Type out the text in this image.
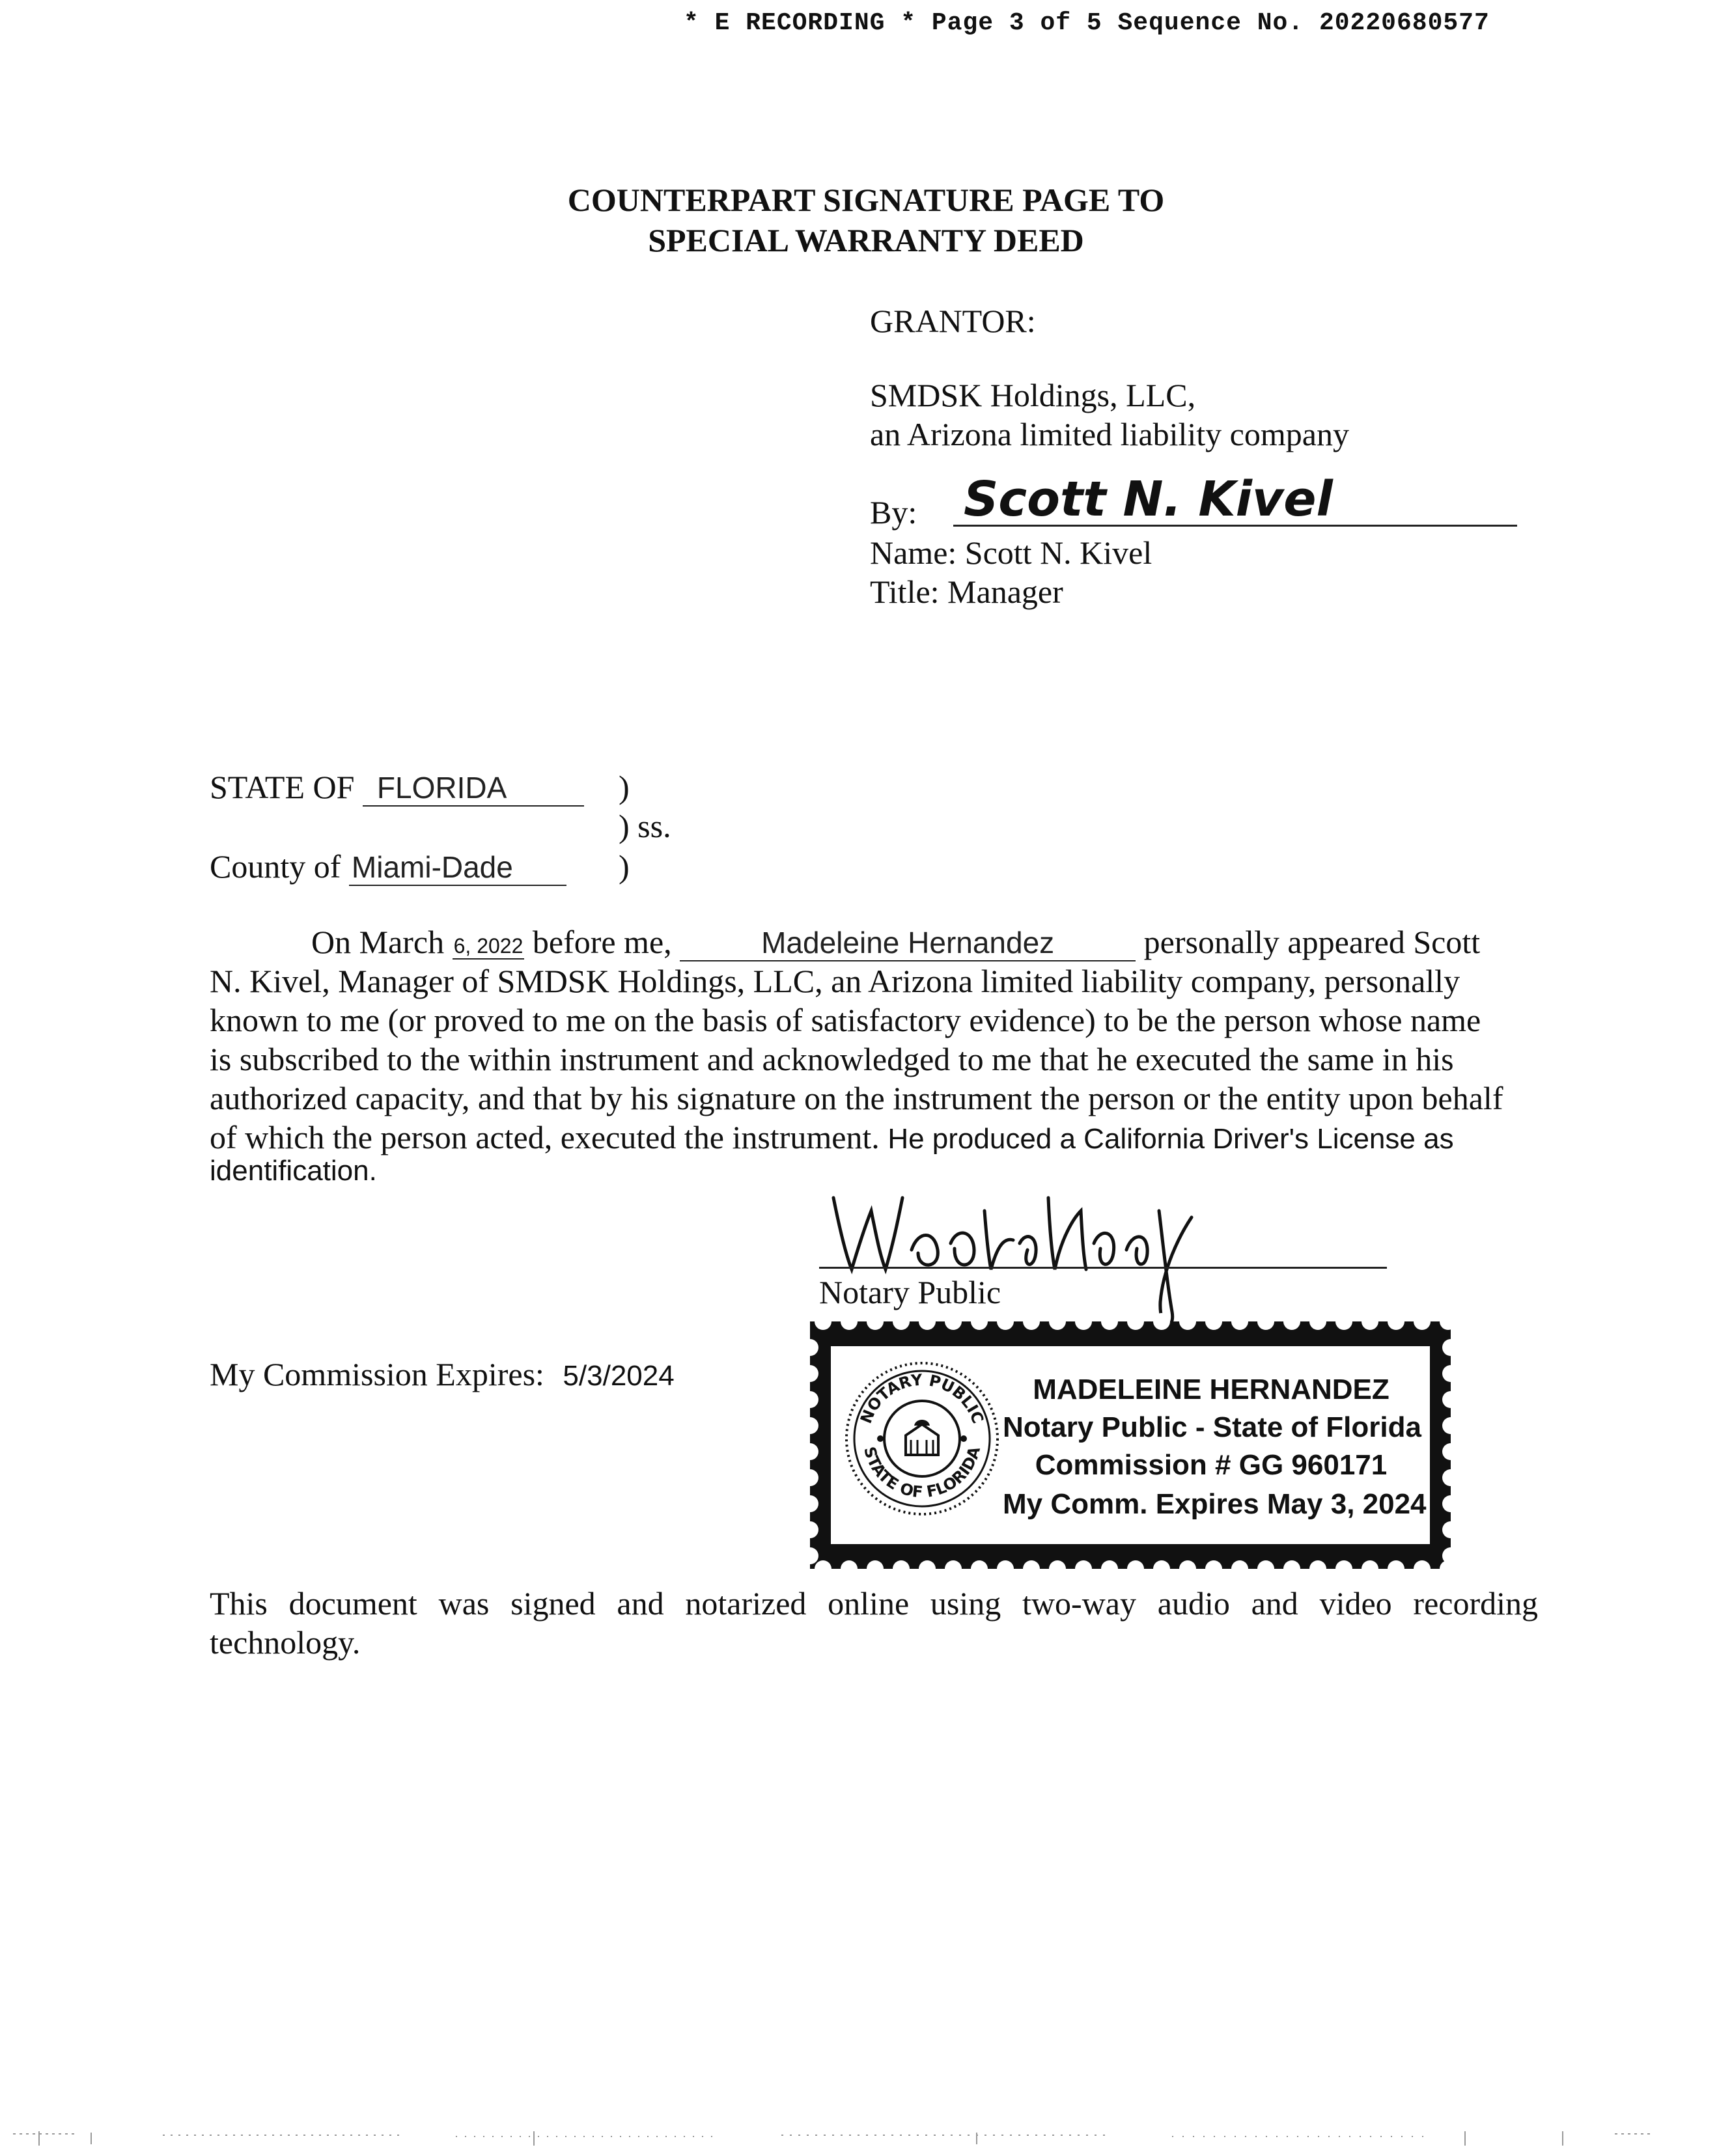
* E RECORDING * Page 3 of 5 Sequence No. 20220680577
COUNTERPART SIGNATURE PAGE TO
SPECIAL WARRANTY DEED
GRANTOR:
SMDSK Holdings, LLC,
an Arizona limited liability company
By: Scott N. Kivel
Name: Scott N. Kivel
Title: Manager
STATE OF FLORIDA	)
) ss.
County of Miami-Dade	)
On March 6, 2022 before me,	Madeleine Hernandez	personally appeared Scott
N. Kivel, Manager of SMDSK Holdings, LLC, an Arizona limited liability company, personally
known to me (or proved to me on the basis of satisfactory evidence) to be the person whose name
is subscribed to the within instrument and acknowledged to me that he executed the same in his
authorized capacity, and that by his signature on the instrument the person or the entity upon behalf
of which the person acted, executed the instrument. He produced a California Driver's License as
identification.
Notary Public
My Commission Expires: 5/3/2024
NOTARY PUBLIC
STATE OF FLORIDA
MADELEINE HERNANDEZ
Notary Public - State of Florida
Commission # GG 960171
My Comm. Expires May 3, 2024
This document was signed and notarized online using two-way audio and video recording
technology.
